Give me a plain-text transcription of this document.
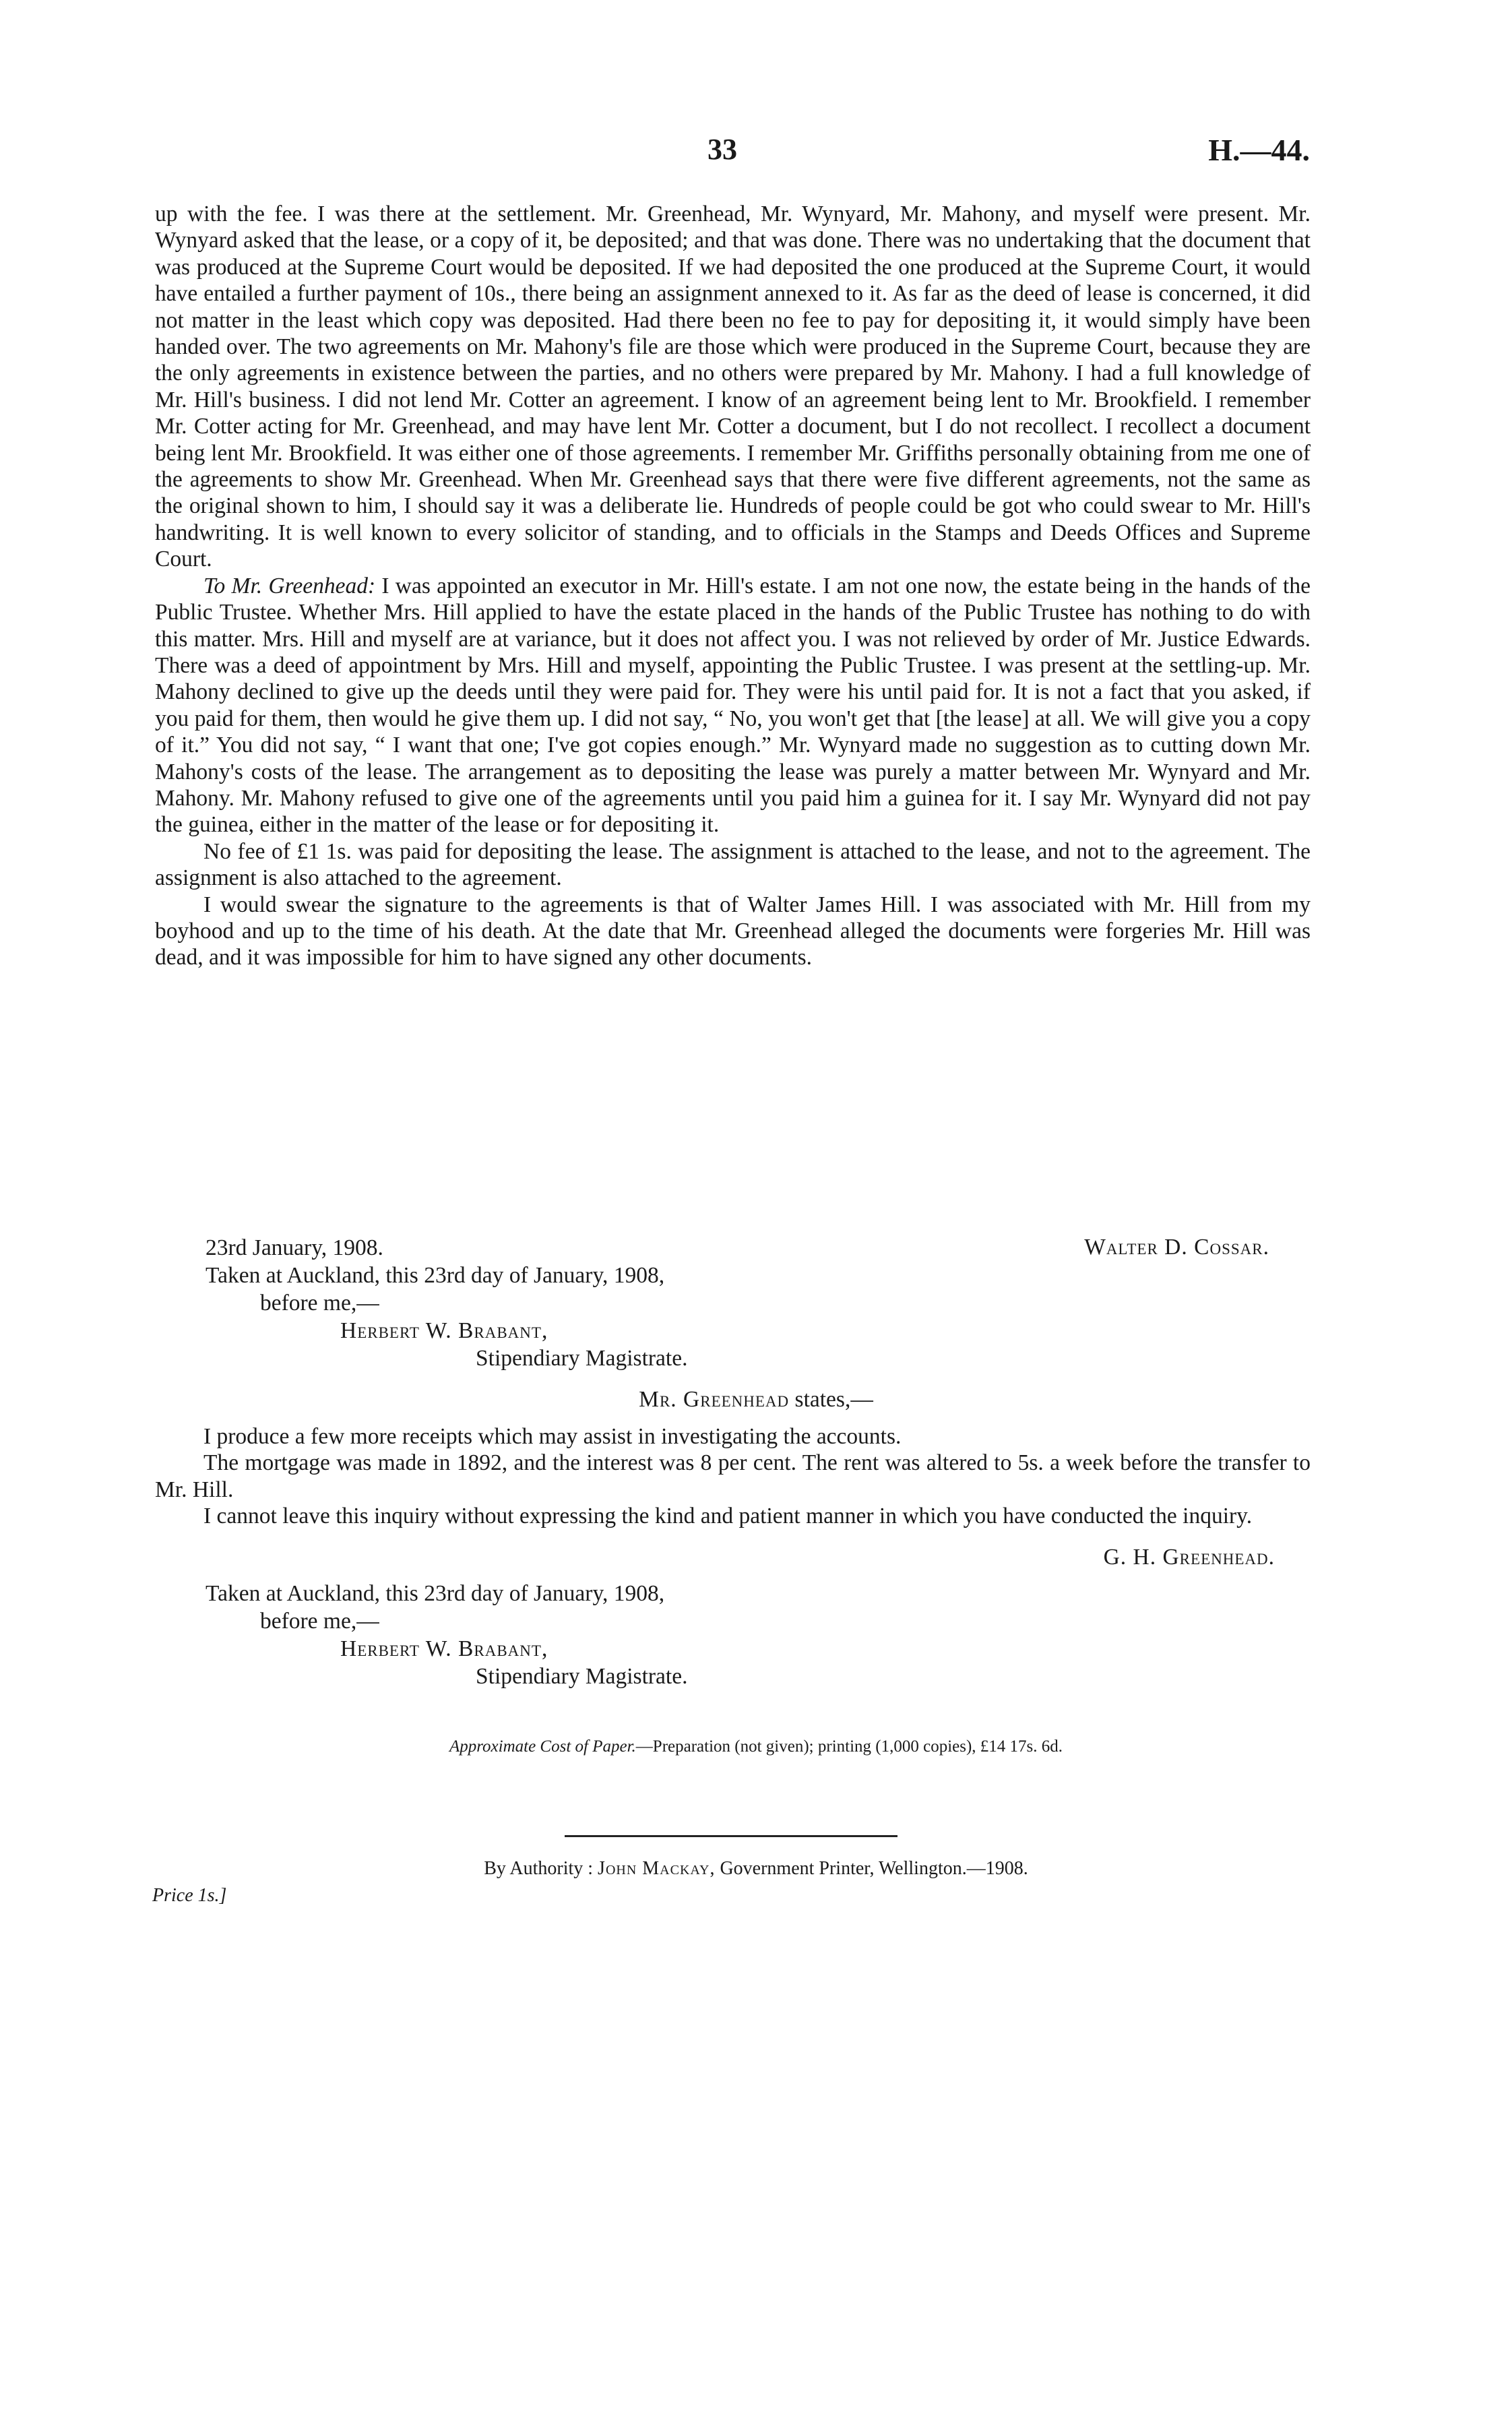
33	H.—44.

up with the fee. I was there at the settlement. Mr. Greenhead, Mr. Wynyard, Mr. Mahony, and myself were present. Mr. Wynyard asked that the lease, or a copy of it, be deposited; and that was done. There was no undertaking that the document that was produced at the Supreme Court would be deposited. If we had deposited the one produced at the Supreme Court, it would have entailed a further payment of 10s., there being an assignment annexed to it. As far as the deed of lease is concerned, it did not matter in the least which copy was deposited. Had there been no fee to pay for depositing it, it would simply have been handed over. The two agreements on Mr. Mahony's file are those which were produced in the Supreme Court, because they are the only agreements in existence between the parties, and no others were prepared by Mr. Mahony. I had a full knowledge of Mr. Hill's business. I did not lend Mr. Cotter an agreement. I know of an agreement being lent to Mr. Brookfield. I remember Mr. Cotter acting for Mr. Greenhead, and may have lent Mr. Cotter a document, but I do not recollect. I recollect a document being lent Mr. Brookfield. It was either one of those agreements. I remember Mr. Griffiths personally obtaining from me one of the agreements to show Mr. Greenhead. When Mr. Greenhead says that there were five different agreements, not the same as the original shown to him, I should say it was a deliberate lie. Hundreds of people could be got who could swear to Mr. Hill's handwriting. It is well known to every solicitor of standing, and to officials in the Stamps and Deeds Offices and Supreme Court.

To Mr. Greenhead: I was appointed an executor in Mr. Hill's estate. I am not one now, the estate being in the hands of the Public Trustee. Whether Mrs. Hill applied to have the estate placed in the hands of the Public Trustee has nothing to do with this matter. Mrs. Hill and myself are at variance, but it does not affect you. I was not relieved by order of Mr. Justice Edwards. There was a deed of appointment by Mrs. Hill and myself, appointing the Public Trustee. I was present at the settling-up. Mr. Mahony declined to give up the deeds until they were paid for. They were his until paid for. It is not a fact that you asked, if you paid for them, then would he give them up. I did not say, “ No, you won't get that [the lease] at all. We will give you a copy of it.” You did not say, “ I want that one; I've got copies enough.” Mr. Wynyard made no suggestion as to cutting down Mr. Mahony's costs of the lease. The arrangement as to depositing the lease was purely a matter between Mr. Wynyard and Mr. Mahony. Mr. Mahony refused to give one of the agreements until you paid him a guinea for it. I say Mr. Wynyard did not pay the guinea, either in the matter of the lease or for depositing it.

No fee of £1 1s. was paid for depositing the lease. The assignment is attached to the lease, and not to the agreement. The assignment is also attached to the agreement.

I would swear the signature to the agreements is that of Walter James Hill. I was associated with Mr. Hill from my boyhood and up to the time of his death. At the date that Mr. Greenhead alleged the documents were forgeries Mr. Hill was dead, and it was impossible for him to have signed any other documents.

23rd January, 1908.	Walter D. Cossar.
Taken at Auckland, this 23rd day of January, 1908,
before me,—
Herbert W. Brabant,
Stipendiary Magistrate.
Mr. Greenhead states,—

I produce a few more receipts which may assist in investigating the accounts.

The mortgage was made in 1892, and the interest was 8 per cent. The rent was altered to 5s. a week before the transfer to Mr. Hill.

I cannot leave this inquiry without expressing the kind and patient manner in which you have conducted the inquiry.

G. H. Greenhead.
Taken at Auckland, this 23rd day of January, 1908,
before me,—
Herbert W. Brabant,
Stipendiary Magistrate.
Approximate Cost of Paper.—Preparation (not given); printing (1,000 copies), £14 17s. 6d.
By Authority : John Mackay, Government Printer, Wellington.—1908.
Price 1s.]
